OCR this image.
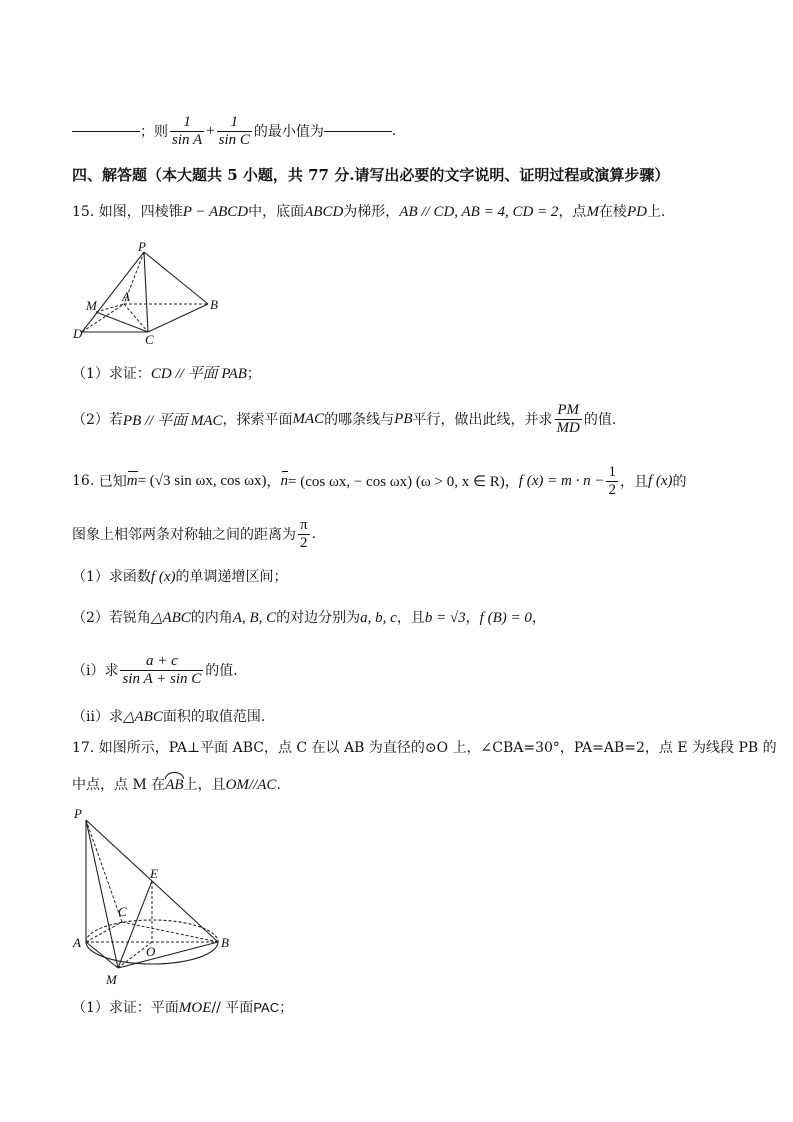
；则 $\frac{1}{\text{sin A}} + \frac{1}{\text{sin C}}$ 的最小值为	.
四、解答题（本大题共 5 小题，共 77 分.请写出必要的文字说明、证明过程或演算步骤）
15. 如图，四棱锥P − ABCD中，底面ABCD为梯形，AB // CD, AB = 4, CD = 2，点M在棱PD上.
P
A
B
C
D
M
（1）求证：CD // 平面 PAB；
（2）若 PB // 平面 MAC ，探索平面 MAC 的哪条线与 PB 平行，做出此线，并求 $\frac{PM}{MD}$ 的值.
16.
已知 m = (√3 sin ωx, cos ωx) ， n = (cos ωx, − cos ωx) (ω > 0, x ∈ R) ， f $(x) = m \cdot n - \frac{1}{2}$ ，且 f (x) 的
图象上相邻两条对称轴之间的距离为 $\frac{\pi}{2}$ .
（1）求函数f (x)的单调递增区间；
（2）若锐角△ABC的内角A, B, C的对边分别为a, b, c，且b = √3，f (B) = 0，
（ⅰ）求 $\frac{a + c}{\text{sin A + sin C}}$ 的值.
（ⅱ）求△ABC面积的取值范围.
17. 如图所示，PA⊥平面 ABC，点 C 在以 AB 为直径的⊙O 上，∠CBA=30°，PA=AB=2，点 E 为线段 PB 的
中点，点 M 在AB上，且OM//AC.
P
E
C
A
O
B
M
（1）求证：平面MOE// 平面PAC；
